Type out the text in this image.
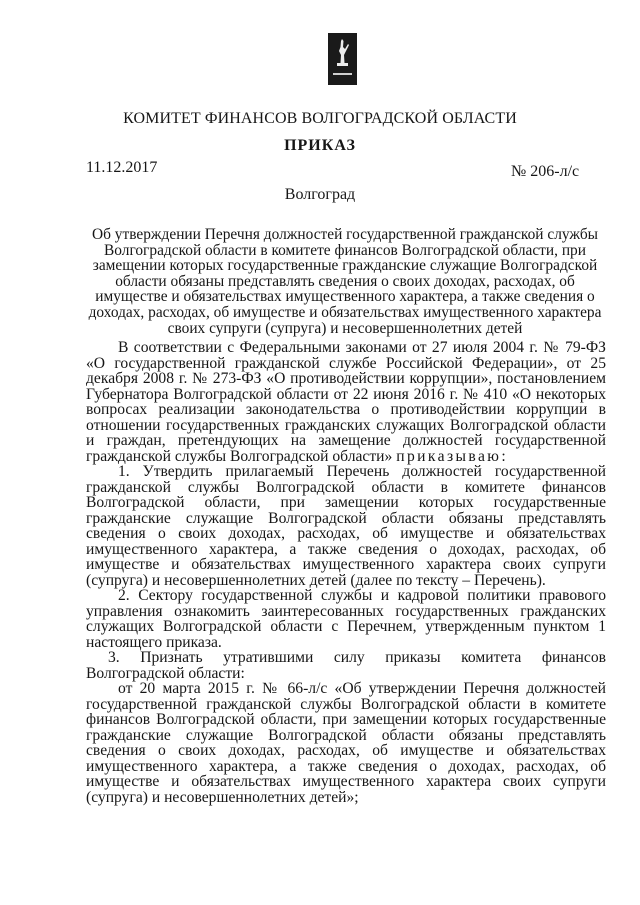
КОМИТЕТ ФИНАНСОВ ВОЛГОГРАДСКОЙ ОБЛАСТИ
ПРИКАЗ
11.12.2017	№ 206-л/с
Волгоград
Об утверждении Перечня должностей государственной гражданской службы Волгоградской области в комитете финансов Волгоградской области, при замещении которых государственные гражданские служащие Волгоградской области обязаны представлять сведения о своих доходах, расходах, об имуществе и обязательствах имущественного характера, а также сведения о доходах, расходах, об имуществе и обязательствах имущественного характера своих супруги (супруга) и несовершеннолетних детей

В соответствии с Федеральными законами от 27 июля 2004 г. № 79-ФЗ «О государственной гражданской службе Российской Федерации», от 25 декабря 2008 г. № 273-ФЗ «О противодействии коррупции», постановлением Губернатора Волгоградской области от 22 июня 2016 г. № 410 «О некоторых вопросах реализации законодательства о противодействии коррупции в отношении государственных гражданских служащих Волгоградской области и граждан, претендующих на замещение должностей государственной гражданской службы Волгоградской области» приказываю:

1. Утвердить прилагаемый Перечень должностей государственной гражданской службы Волгоградской области в комитете финансов Волгоградской области, при замещении которых государственные гражданские служащие Волгоградской области обязаны представлять сведения о своих доходах, расходах, об имуществе и обязательствах имущественного характера, а также сведения о доходах, расходах, об имуществе и обязательствах имущественного характера своих супруги (супруга) и несовершеннолетних детей (далее по тексту – Перечень).

2. Сектору государственной службы и кадровой политики правового управления ознакомить заинтересованных государственных гражданских служащих Волгоградской области с Перечнем, утвержденным пунктом 1 настоящего приказа.

3. Признать утратившими силу приказы комитета финансов Волгоградской области:

от 20 марта 2015 г. № 66-л/с «Об утверждении Перечня должностей государственной гражданской службы Волгоградской области в комитете финансов Волгоградской области, при замещении которых государственные гражданские служащие Волгоградской области обязаны представлять сведения о своих доходах, расходах, об имуществе и обязательствах имущественного характера, а также сведения о доходах, расходах, об имуществе и обязательствах имущественного характера своих супруги (супруга) и несовершеннолетних детей»;
